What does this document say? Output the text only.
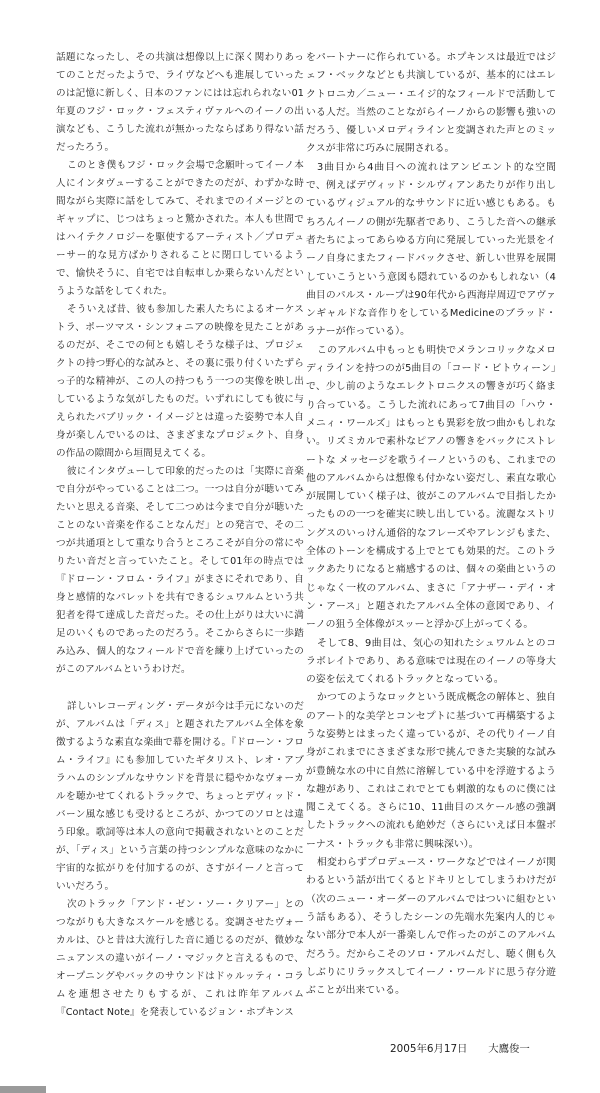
話題になったし、その共演は想像以上に深く関わりあってのことだったようで、ライヴなどへも進展していったのは記憶に新しく、日本のファンにはは忘れられない01年夏のフジ・ロック・フェスティヴァルへのイーノの出演なども、こうした流れが無かったならばあり得ない話だったろう。

このとき僕もフジ・ロック会場で念願叶ってイーノ本人にインタヴューすることができたのだが、わずかな時間ながら実際に話をしてみて、それまでのイメージとのギャップに、じつはちょっと驚かされた。本人も世間ではハイテクノロジーを駆使するアーティスト／プロデューサー的な見方ばかりされることに閉口しているようで、愉快そうに、自宅では自転車しか乗らないんだというような話をしてくれた。

そういえば昔、彼も参加した素人たちによるオーケストラ、ポーツマス・シンフォニアの映像を見たことがあるのだが、そこでの何とも嬉しそうな様子は、プロジェクトの持つ野心的な試みと、その裏に張り付くいたずらっ子的な精神が、この人の持つもう一つの実像を映し出しているような気がしたものだ。いずれにしても彼に与えられたパブリック・イメージとは違った姿勢で本人自身が楽しんでいるのは、さまざまなプロジェクト、自身の作品の隙間から垣間見えてくる。

彼にインタヴューして印象的だったのは「実際に音楽で自分がやっていることは二つ。一つは自分が聴いてみたいと思える音楽、そして二つめは今まで自分が聴いたことのない音楽を作ることなんだ」との発言で、その二つが共通項として重なり合うところこそが自分の常にやりたい音だと言っていたこと。そして01年の時点では『ドローン・フロム・ライフ』がまさにそれであり、自身と感情的なパレットを共有できるシュワルムという共犯者を得て達成した音だった。その仕上がりは大いに満足のいくものであったのだろう。そこからさらに一歩踏み込み、個人的なフィールドで音を練り上げていったのがこのアルバムというわけだ。

詳しいレコーディング・データが今は手元にないのだが、アルバムは「ディス」と題されたアルバム全体を象徴するような素直な楽曲で幕を開ける。『ドローン・フロム・ライフ』にも参加していたギタリスト、レオ・アブラハムのシンプルなサウンドを背景に穏やかなヴォーカルを聴かせてくれるトラックで、ちょっとデヴィッド・バーン風な感じも受けるところが、かつてのソロとは違う印象。歌詞等は本人の意向で掲載されないとのことだが、「ディス」という言葉の持つシンプルな意味のなかに宇宙的な拡がりを付加するのが、さすがイーノと言っていいだろう。

次のトラック「アンド・ゼン・ソー・クリアー」とのつながりも大きなスケールを感じる。変調させたヴォーカルは、ひと昔は大流行した音に通じるのだが、微妙なニュアンスの違いがイーノ・マジックと言えるもので、オープニングやバックのサウンドはドゥルッティ・コラムを連想させたりもするが、これは昨年アルバム『Contact Note』を発表しているジョン・ホプキンス

をパートナーに作られている。ホプキンスは最近ではジェフ・ベックなどとも共演しているが、基本的にはエレクトロニカ／ニュー・エイジ的なフィールドで活動している人だ。当然のことながらイーノからの影響も強いのだろう、優しいメロディラインと変調された声とのミックスが非常に巧みに展開される。

3曲目から4曲目への流れはアンビエント的な空間で、例えばデヴィッド・シルヴィアンあたりが作り出しているヴィジュアル的なサウンドに近い感じもある。もちろんイーノの側が先駆者であり、こうした音への継承者たちによってあらゆる方向に発展していった光景をイーノ自身にまたフィードバックさせ、新しい世界を展開していこうという意図も隠れているのかもしれない（4曲目のパルス・ループは90年代から西海岸周辺でアヴァンギャルドな音作りをしているMedicineのブラッド・ラナーが作っている）。

このアルバム中もっとも明快でメランコリックなメロディラインを持つのが5曲目の「コード・ビトウィーン」で、少し前のようなエレクトロニクスの響きが巧く絡まり合っている。こうした流れにあって7曲目の「ハウ・メニィ・ワールズ」はもっとも異彩を放つ曲かもしれない。リズミカルで素朴なピアノの響きをバックにストレートな メッセージを歌うイーノというのも、これまでの他のアルバムからは想像も付かない姿だし、素直な歌心が展開していく様子は、彼がこのアルバムで目指したかったものの一つを確実に映し出している。流麗なストリングスのいっけん通俗的なフレーズやアレンジもまた、全体のトーンを構成する上でとても効果的だ。このトラックあたりになると痛感するのは、個々の楽曲というのじゃなく一枚のアルバム、まさに「アナザー・デイ・オン・アース」と題されたアルバム全体の意図であり、イーノの狙う全体像がスッーと浮かび上がってくる。

そして8、9曲目は、気心の知れたシュワルムとのコラボレイトであり、ある意味では現在のイーノの等身大の姿を伝えてくれるトラックとなっている。

かつてのようなロックという既成概念の解体と、独自のアート的な美学とコンセプトに基づいて再構築するような姿勢とはまったく違っているが、その代りイーノ自身がこれまでにさまざまな形で挑んできた実験的な試みが豊饒な水の中に自然に溶解している中を浮遊するような趣があり、これはこれでとても刺激的なものに僕には聞こえてくる。さらに10、11曲目のスケール感の強調したトラックへの流れも絶妙だ（さらにいえば日本盤ボーナス・トラックも非常に興味深い）。

相変わらずプロデュース・ワークなどではイーノが関わるという話が出てくるとドキリとしてしまうわけだが（次のニュー・オーダーのアルバムではついに組むという話もある）、そうしたシーンの先端水先案内人的じゃない部分で本人が一番楽しんで作ったのがこのアルバムだろう。だからこそのソロ・アルバムだし、聴く側も久しぶりにリラックスしてイーノ・ワールドに思う存分遊ぶことが出来ている。

2005年6月17日　　大鷹俊一
